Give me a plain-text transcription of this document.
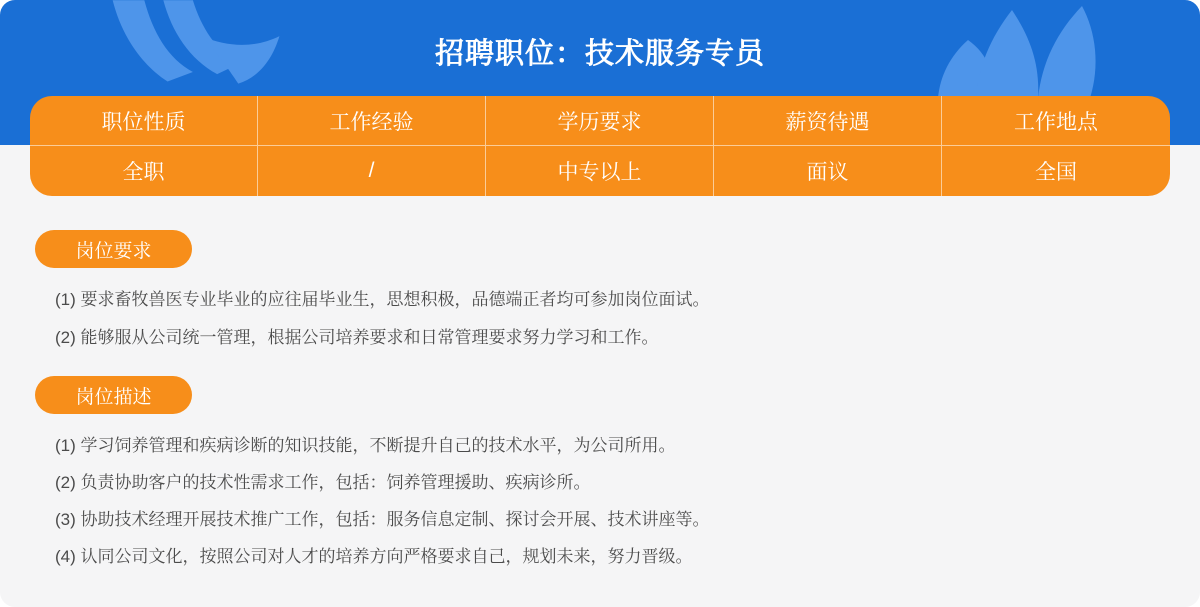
招聘职位：技术服务专员
职位性质	工作经验	学历要求	薪资待遇	工作地点
全职	/	中专以上	面议	全国
岗位要求
(1) 要求畜牧兽医专业毕业的应往届毕业生，思想积极，品德端正者均可参加岗位面试。
(2) 能够服从公司统一管理，根据公司培养要求和日常管理要求努力学习和工作。
岗位描述
(1) 学习饲养管理和疾病诊断的知识技能，不断提升自己的技术水平，为公司所用。
(2) 负责协助客户的技术性需求工作，包括：饲养管理援助、疾病诊所。
(3) 协助技术经理开展技术推广工作，包括：服务信息定制、探讨会开展、技术讲座等。
(4) 认同公司文化，按照公司对人才的培养方向严格要求自己，规划未来，努力晋级。
